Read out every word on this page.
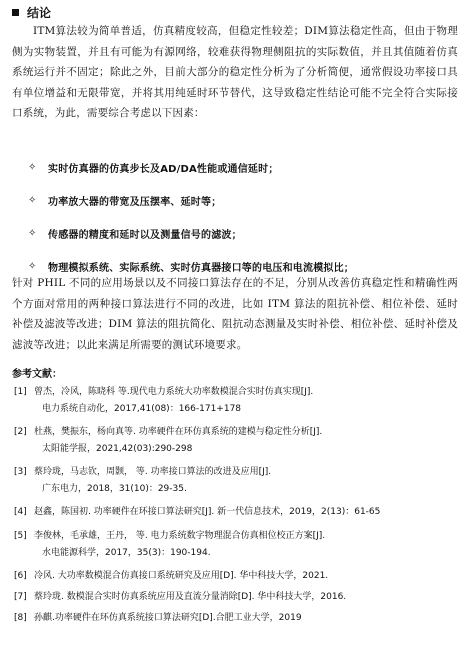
结论

ITM算法较为简单普适，仿真精度较高，但稳定性较差；DIM算法稳定性高，但由于物理侧为实物装置，并且有可能为有源网络，较难获得物理侧阻抗的实际数值，并且其值随着仿真系统运行并不固定；除此之外，目前大部分的稳定性分析为了分析简便，通常假设功率接口具有单位增益和无限带宽，并将其用纯延时环节替代，这导致稳定性结论可能不完全符合实际接口系统，为此，需要综合考虑以下因素：

✧	实时仿真器的仿真步长及AD/DA性能或通信延时；
✧	功率放大器的带宽及压摆率、延时等；
✧	传感器的精度和延时以及测量信号的滤波；
✧	物理模拟系统、实际系统、实时仿真器接口等的电压和电流模拟比；

针对 PHIL 不同的应用场景以及不同接口算法存在的不足，分别从改善仿真稳定性和精确性两个方面对常用的两种接口算法进行不同的改进，比如 ITM 算法的阻抗补偿、相位补偿、延时补偿及滤波等改进；DIM 算法的阻抗简化、阻抗动态测量及实时补偿、相位补偿、延时补偿及滤波等改进；以此来满足所需要的测试环境要求。

参考文献：
[1] 曾杰，冷风，陈晓科 等.现代电力系统大功率数模混合实时仿真实现[J].
电力系统自动化，2017,41(08)：166-171+178
[2] 杜燕，樊振东，杨向真等. 功率硬件在环仿真系统的建模与稳定性分析[J].
太阳能学报，2021,42(03):290-298
[3] 蔡玲珑，马志钦，周颢， 等. 功率接口算法的改进及应用[J].
广东电力，2018，31(10)：29-35.
[4] 赵鑫，陈国初. 功率硬件在环接口算法研究[J]. 新一代信息技术，2019，2(13)：61-65
[5] 李俊林，毛承雄，王丹， 等. 电力系统数字物理混合仿真相位校正方案[J].
水电能源科学，2017，35(3)：190-194.
[6] 冷风. 大功率数模混合仿真接口系统研究及应用[D]. 华中科技大学，2021.
[7] 蔡玲珑. 数模混合实时仿真系统应用及直流分量消除[D]. 华中科技大学，2016.
[8] 孙麒.功率硬件在环仿真系统接口算法研究[D].合肥工业大学，2019
